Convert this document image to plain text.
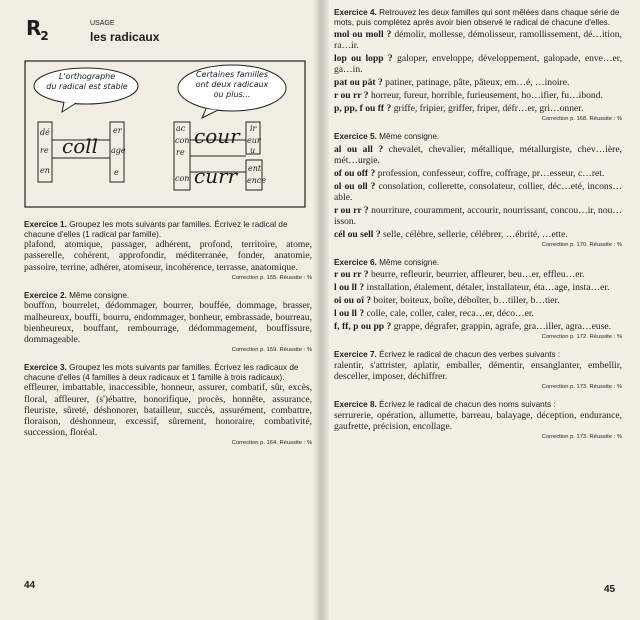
$R_2$
USAGE
les radicaux
L'orthographe
du radical est stable
Certaines familles
ont deux radicaux
ou plus...
dé
re
en
coll
er
age
e
ac
con
re
con
cour
curr
ir
eur
u
ent
ence
Exercice 1. Groupez les mots suivants par familles. Écrivez le radical de chacune d'elles (1 radical par famille).
plafond, atomique, passager, adhérent, profond, territoire, atome, passerelle, cohérent, approfondir, méditerranée, fonder, anatomie, passoire, terrine, adhérer, atomiseur, incohérence, terrasse, anatomique.
Correction p. 155. Réussite : %
Exercice 2. Même consigne.
bouffon, bourrelet, dédommager, bourrer, bouffée, dommage, brasser, malheureux, bouffi, bourru, endommager, bonheur, embrassade, bourreau, bienheureux, bouffant, rembourrage, dédommagement, bouffissure, dommageable.
Correction p. 159. Réussite : %
Exercice 3. Groupez les mots suivants par familles. Écrivez les radicaux de chacune d'elles (4 familles à deux radicaux et 1 famille à trois radicaux).
effleurer, imbattable, inaccessible, honneur, assurer, combatif, sûr, excès, floral, affleurer, (s')ébattre, honorifique, procès, honnête, assurance, fleuriste, sûreté, déshonorer, batailleur, succès, assurément, combattre, floraison, déshonneur, excessif, sûrement, honoraire, combativité, succession, floréal.
Correction p. 164. Réussite : %
44
Exercice 4. Retrouvez les deux familles qui sont mêlées dans chaque série de mots, puis complétez après avoir bien observé le radical de chacune d'elles.
mol ou moll ? démolir, mollesse, démolisseur, ramollissement, dé…ition, ra…ir.
lop ou lopp ? galoper, enveloppe, développement, galopade, enve…er, ga…in.
pat ou pât ? patiner, patinage, pâte, pâteux, em…é, …inoire.
r ou rr ? horreur, fureur, horrible, furieusement, ho…ifier, fu…ibond.
p, pp, f ou ff ? griffe, fripier, griffer, friper, défr…er, gri…onner.
Correction p. 168. Réussite : %
Exercice 5. Même consigne.
al ou all ? chevalet, chevalier, métallique, métallurgiste, chev…ière, mét…urgie.
of ou off ? profession, confesseur, coffre, coffrage, pr…esseur, c…ret.
ol ou oll ? consolation, collerette, consolateur, collier, déc…eté, incons…able.
r ou rr ? nourriture, couramment, accourir, nourrissant, concou…ir, nou…isson.
cél ou sell ? selle, célèbre, sellerie, célébrer, …ébrité, …ette.
Correction p. 170. Réussite : %
Exercice 6. Même consigne.
r ou rr ? beurre, refleurir, beurrier, affleurer, beu…er, effleu…er.
l ou ll ? installation, étalement, détaler, installateur, éta…age, insta…er.
oi ou oî ? boiter, boiteux, boîte, déboîter, b…tiller, b…tier.
l ou ll ? colle, cale, coller, caler, reca…er, déco…er.
f, ff, p ou pp ? grappe, dégrafer, grappin, agrafe, gra…iller, agra…euse.
Correction p. 172. Réussite : %
Exercice 7. Écrivez le radical de chacun des verbes suivants :
ralentir, s'attrister, aplatir, emballer, démentir, ensanglanter, embellir, desceller, imposer, déchiffrer.
Correction p. 173. Réussite : %
Exercice 8. Écrivez le radical de chacun des noms suivants :
serrurerie, opération, allumette, barreau, balayage, déception, endurance, gaufrette, précision, encollage.
Correction p. 173. Réussite : %
45
